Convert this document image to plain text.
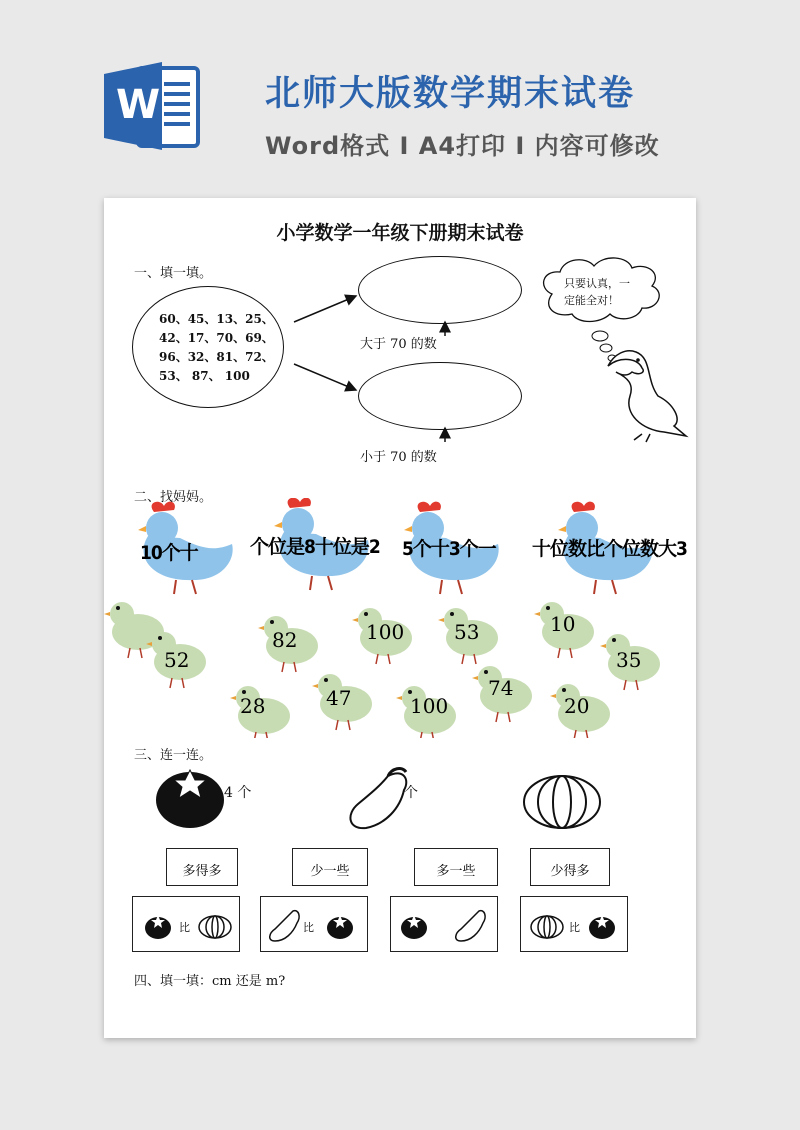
W	北师大版数学期末试卷
Word格式 I A4打印 I 内容可修改
小学数学一年级下册期末试卷
一、填一填。
60、45、13、25、
42、17、70、69、
96、32、81、72、
53、 87、 100
大于 70 的数
小于 70 的数
只要认真，一
定能全对！
二、找妈妈。
10个十	个位是8十位是2 5个十3个一 十位数比个位数大3
52
82	100 53	10
35
28	47	100
74
20
三、连一连。
4 个	个
多得多	少一些	多一些	少得多
比	比	比
四、填一填：cm 还是 m?
